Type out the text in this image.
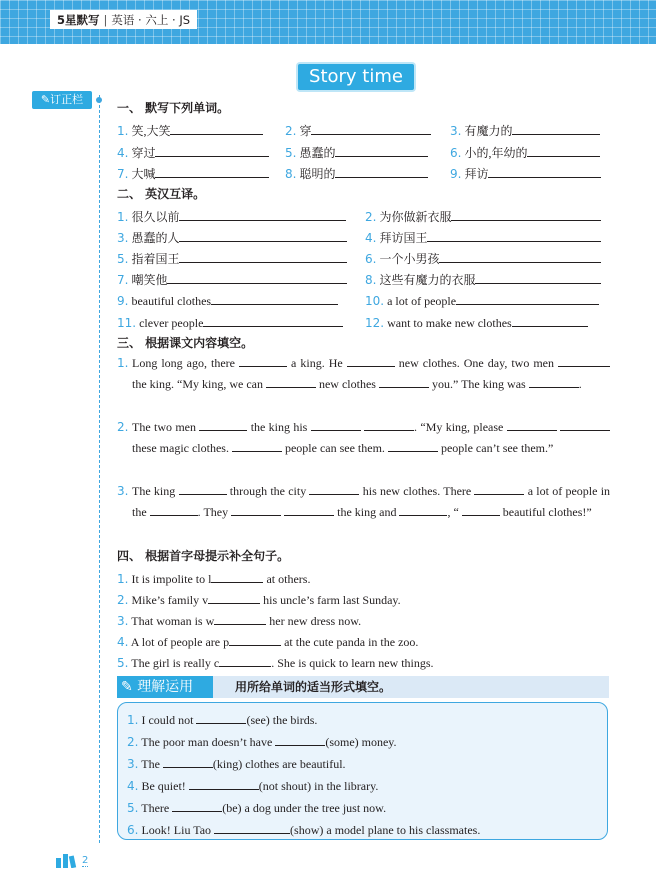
5星默写 | 英语 · 六上 · JS
Story time
✎订正栏
一、 默写下列单词。
1. 笑,大笑	2. 穿	3. 有魔力的
4. 穿过	5. 愚蠢的	6. 小的,年幼的
7. 大喊	8. 聪明的	9. 拜访
二、 英汉互译。
1. 很久以前	2. 为你做新衣服
3. 愚蠢的人	4. 拜访国王
5. 指着国王	6. 一个小男孩
7. 嘲笑他	8. 这些有魔力的衣服
9. beautiful clothes	10. a lot of people
11. clever people	12. want to make new clothes
三、 根据课文内容填空。
1. Long long ago, there	a king. He	new clothes. One day, two men  the king. “My king, we can	new clothes	you.” The king was	.
2. The two men	the king his	. “My king, please   these magic clothes.	people can see them.	people can’t see them.”
3. The king	through the city	his new clothes. There	a lot of people in the	. They	the king and	, “	beautiful clothes!”
四、 根据首字母提示补全句子。
1. It is impolite to l	at others.
2. Mike’s family v	his uncle’s farm last Sunday.
3. That woman is w	her new dress now.
4. A lot of people are p	at the cute panda in the zoo.
5. The girl is really c	. She is quick to learn new things.
✎ 理解运用	用所给单词的适当形式填空。
1. I could not	(see) the birds.
2. The poor man doesn’t have	(some) money.
3. The	(king) clothes are beautiful.
4. Be quiet!	(not shout) in the library.
5. There	(be) a dog under the tree just now.
6. Look! Liu Tao	(show) a model plane to his classmates.
2
